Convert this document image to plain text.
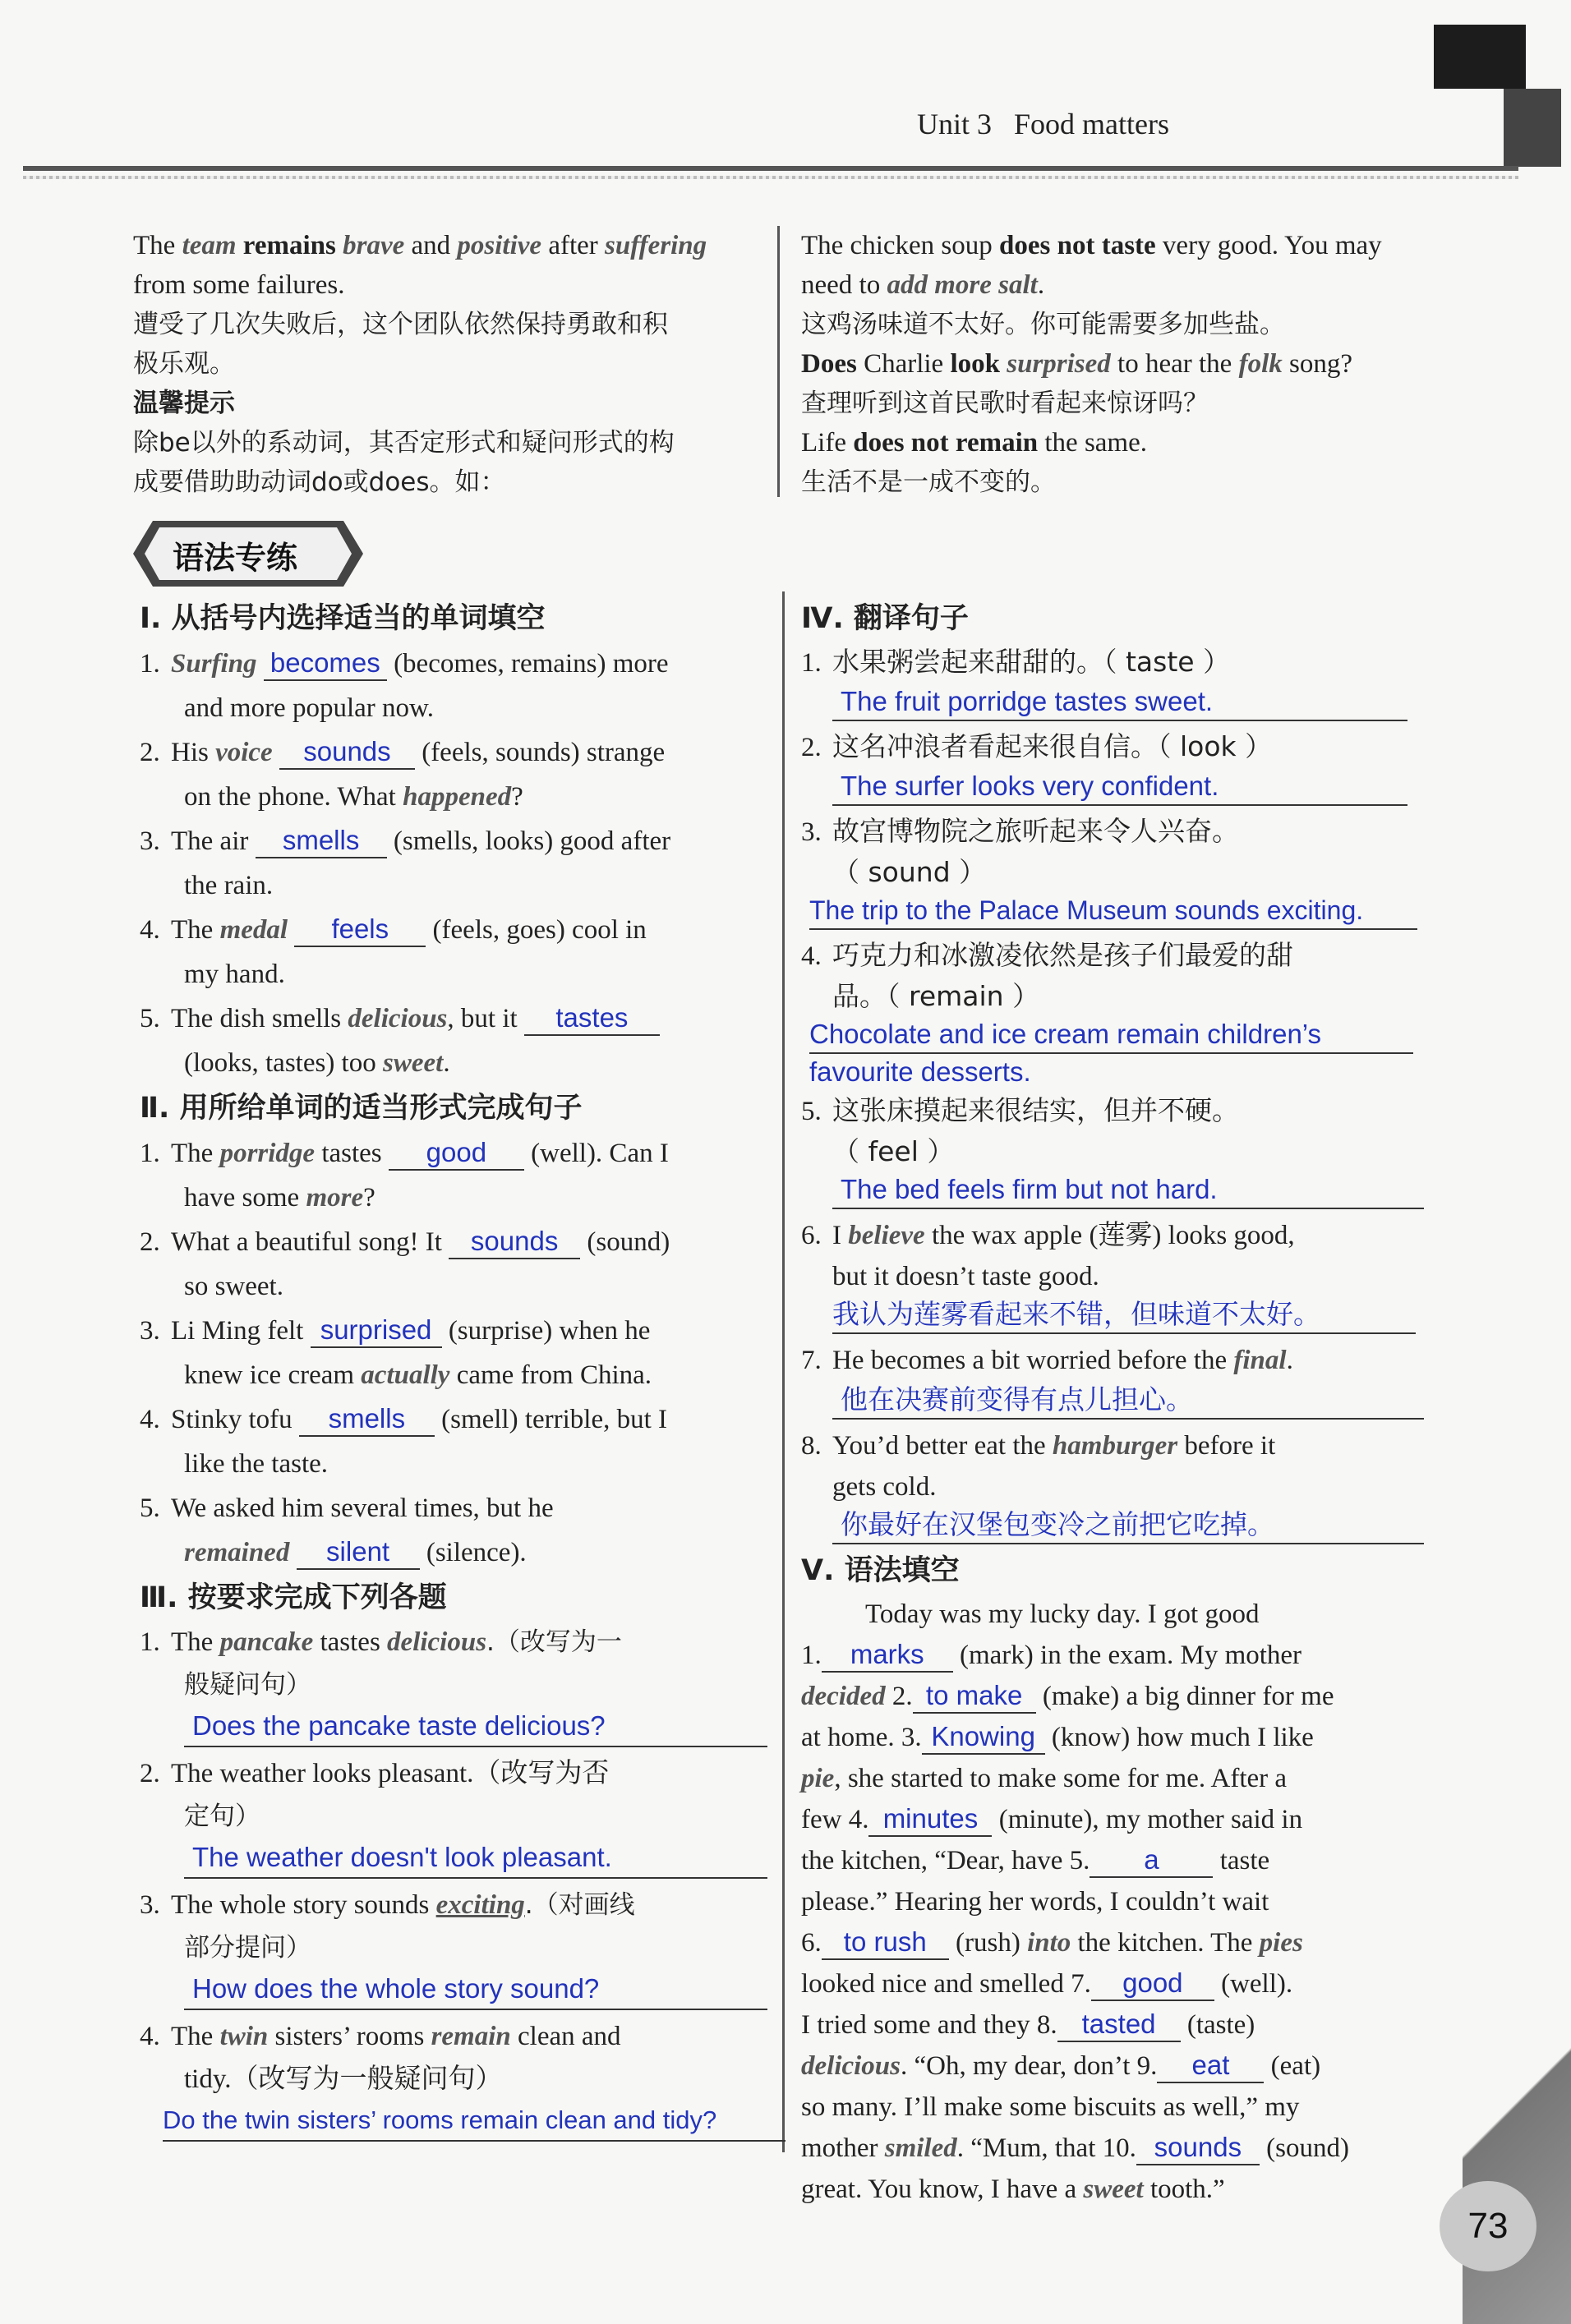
Unit 3 Food matters
The team remains brave and positive after suffering
from some failures.
遭受了几次失败后，这个团队依然保持勇敢和积
极乐观。
温馨提示
除be以外的系动词，其否定形式和疑问形式的构
成要借助助动词do或does。如：
The chicken soup does not taste very good. You may
need to add more salt.
这鸡汤味道不太好。你可能需要多加些盐。
Does Charlie look surprised to hear the folk song?
查理听到这首民歌时看起来惊讶吗？
Life does not remain the same.
生活不是一成不变的。
语法专练
Ⅰ. 从括号内选择适当的单词填空
1. Surfing becomes (becomes, remains) more
and more popular now.
2. His voice sounds (feels, sounds) strange
on the phone. What happened?
3. The air smells (smells, looks) good after
the rain.
4. The medal feels (feels, goes) cool in
my hand.
5. The dish smells delicious, but it tastes
(looks, tastes) too sweet.
Ⅱ. 用所给单词的适当形式完成句子
1. The porridge tastes good (well). Can I
have some more?
2. What a beautiful song! It sounds (sound)
so sweet.
3. Li Ming felt surprised (surprise) when he
knew ice cream actually came from China.
4. Stinky tofu smells (smell) terrible, but I
like the taste.
5. We asked him several times, but he
remained silent (silence).
Ⅲ. 按要求完成下列各题
1. The pancake tastes delicious.（改写为一
般疑问句）
Does the pancake taste delicious?
2. The weather looks pleasant.（改写为否
定句）
The weather doesn't look pleasant.
3. The whole story sounds exciting.（对画线
部分提问）
How does the whole story sound?
4. The twin sisters’ rooms remain clean and
tidy.（改写为一般疑问句）
Do the twin sisters’ rooms remain clean and tidy?
Ⅳ. 翻译句子
1. 水果粥尝起来甜甜的。（ taste ）
The fruit porridge tastes sweet.
2. 这名冲浪者看起来很自信。（ look ）
The surfer looks very confident.
3. 故宫博物院之旅听起来令人兴奋。
（ sound ）
The trip to the Palace Museum sounds exciting.
4. 巧克力和冰激凌依然是孩子们最爱的甜
品。（ remain ）
Chocolate and ice cream remain children’s
favourite desserts.
5. 这张床摸起来很结实，但并不硬。
（ feel ）
The bed feels firm but not hard.
6. I believe the wax apple (莲雾) looks good,
but it doesn’t taste good.
我认为莲雾看起来不错，但味道不太好。
7. He becomes a bit worried before the final.
他在决赛前变得有点儿担心。
8. You’d better eat the hamburger before it
gets cold.
你最好在汉堡包变冷之前把它吃掉。
Ⅴ. 语法填空
Today was my lucky day. I got good
1. marks (mark) in the exam. My mother
decided 2. to make (make) a big dinner for me
at home. 3. Knowing (know) how much I like
pie, she started to make some for me. After a
few 4. minutes (minute), my mother said in
the kitchen, “Dear, have 5. a taste
please.” Hearing her words, I couldn’t wait
6. to rush (rush) into the kitchen. The pies
looked nice and smelled 7. good (well).
I tried some and they 8. tasted (taste)
delicious. “Oh, my dear, don’t 9. eat (eat)
so many. I’ll make some biscuits as well,” my
mother smiled. “Mum, that 10. sounds (sound)
great. You know, I have a sweet tooth.”
73
